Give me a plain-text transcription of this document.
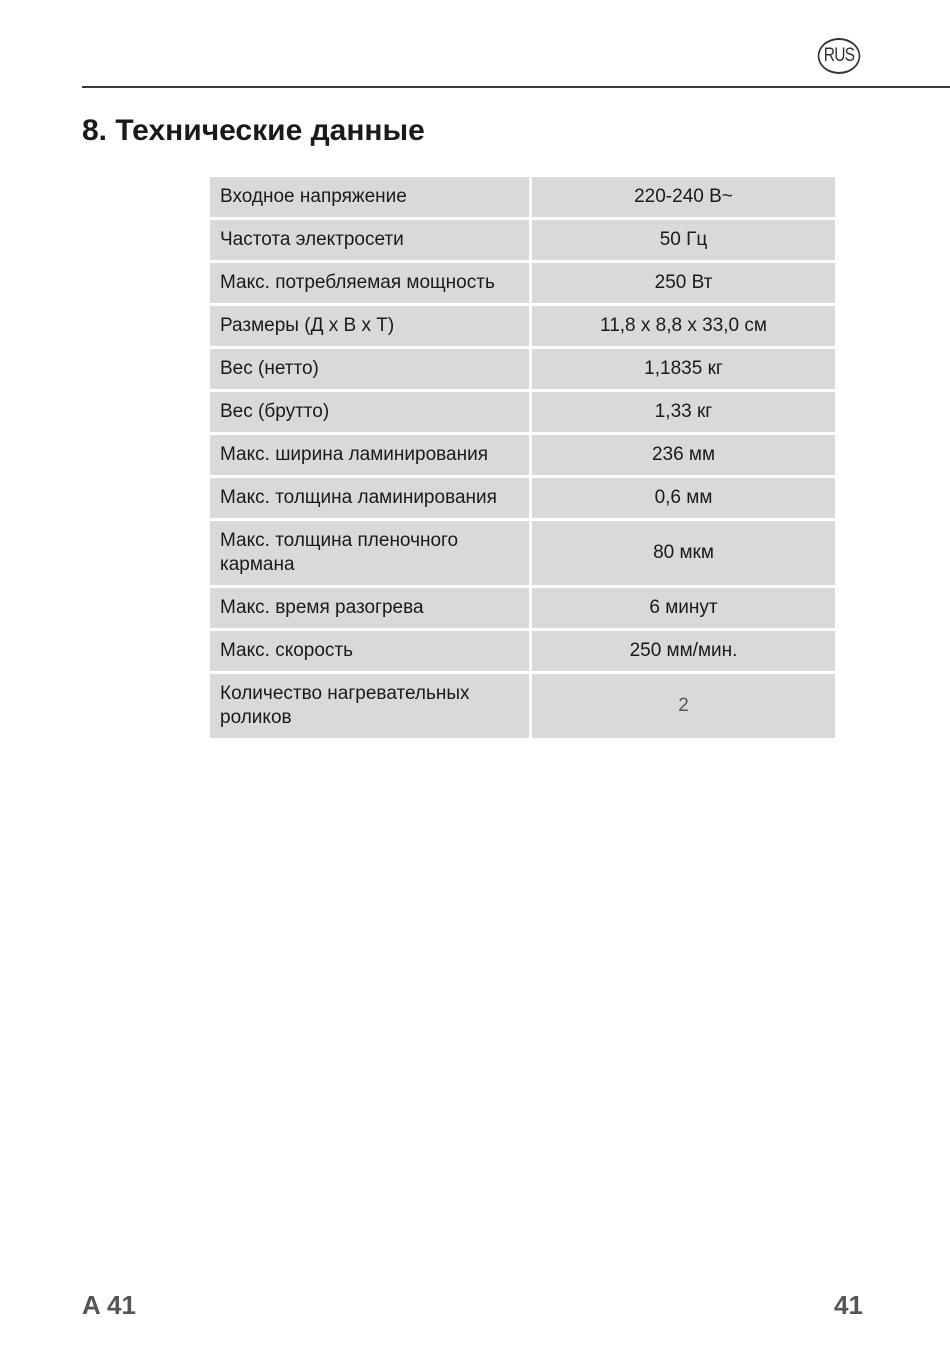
RUS
8. Технические данные
Входное напряжение	220-240 В~
Частота электросети	50 Гц
Макс. потребляемая мощность	250 Вт
Размеры (Д х В х Т)	11,8 x 8,8 x 33,0 см
Вес (нетто)	1,1835 кг
Вес (брутто)	1,33 кг
Макс. ширина ламинирования	236 мм
Макс. толщина ламинирования	0,6 мм
Макс. толщина пленочного кармана	80 мкм
Макс. время разогрева	6 минут
Макс. скорость	250 мм/мин.
Количество нагревательных роликов	2
A 41	41
